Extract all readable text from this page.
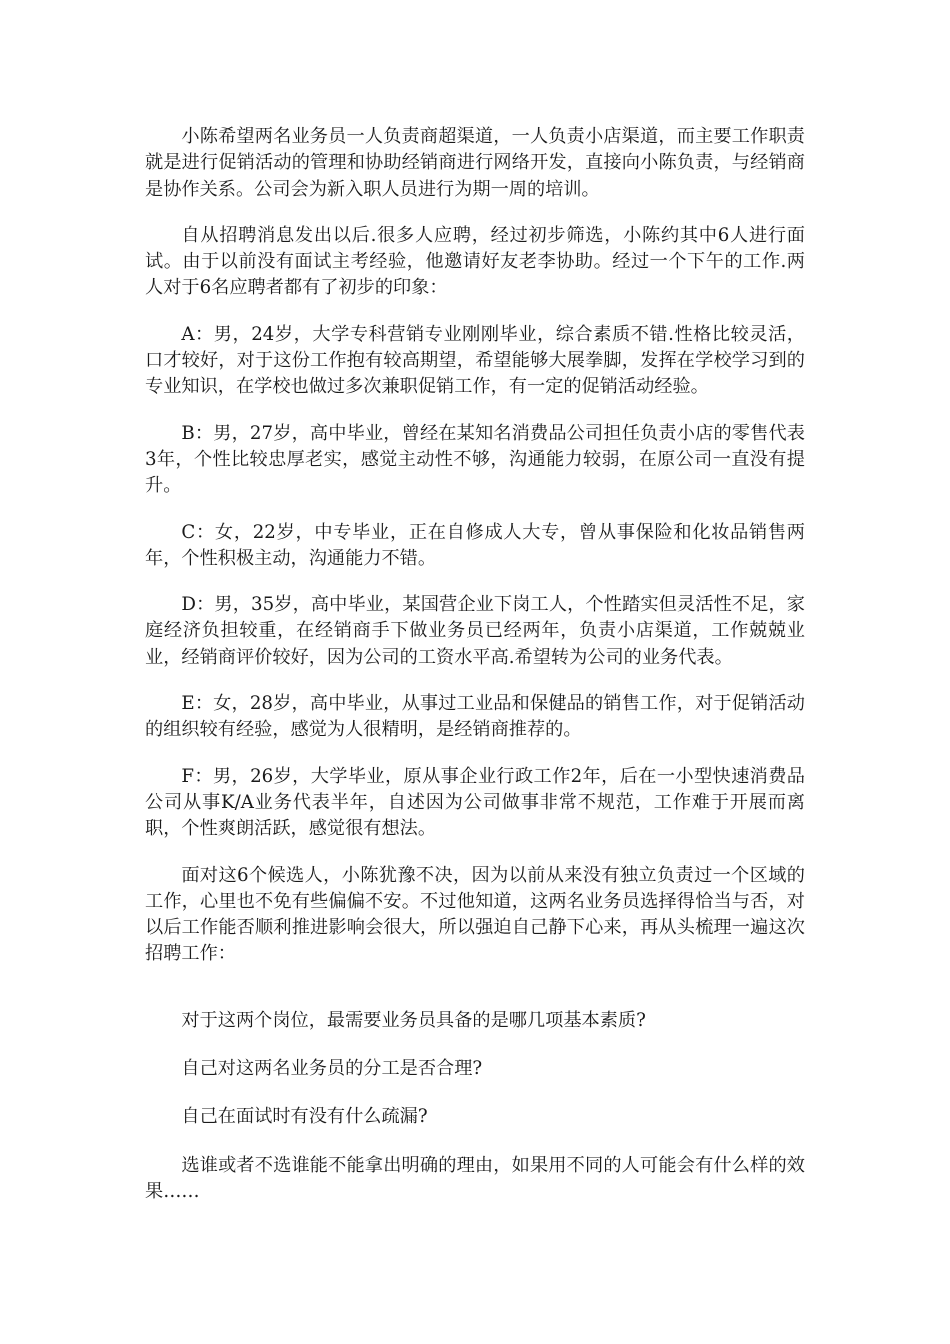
小陈希望两名业务员一人负责商超渠道，一人负责小店渠道，而主要工作职责就是进行促销活动的管理和协助经销商进行网络开发，直接向小陈负责，与经销商是协作关系。公司会为新入职人员进行为期一周的培训。

自从招聘消息发出以后.很多人应聘，经过初步筛选，小陈约其中6人进行面试。由于以前没有面试主考经验，他邀请好友老李协助。经过一个下午的工作.两人对于6名应聘者都有了初步的印象：

A：男，24岁，大学专科营销专业刚刚毕业，综合素质不错.性格比较灵活，口才较好，对于这份工作抱有较高期望，希望能够大展拳脚，发挥在学校学习到的专业知识，在学校也做过多次兼职促销工作，有一定的促销活动经验。

B：男，27岁，高中毕业，曾经在某知名消费品公司担任负责小店的零售代表3年，个性比较忠厚老实，感觉主动性不够，沟通能力较弱，在原公司一直没有提升。

C：女，22岁，中专毕业，正在自修成人大专，曾从事保险和化妆品销售两年，个性积极主动，沟通能力不错。

D：男，35岁，高中毕业，某国营企业下岗工人，个性踏实但灵活性不足，家庭经济负担较重，在经销商手下做业务员已经两年，负责小店渠道，工作兢兢业业，经销商评价较好，因为公司的工资水平高.希望转为公司的业务代表。

E：女，28岁，高中毕业，从事过工业品和保健品的销售工作，对于促销活动的组织较有经验，感觉为人很精明，是经销商推荐的。

F：男，26岁，大学毕业，原从事企业行政工作2年，后在一小型快速消费品公司从事K/A业务代表半年，自述因为公司做事非常不规范，工作难于开展而离职，个性爽朗活跃，感觉很有想法。

面对这6个候选人，小陈犹豫不决，因为以前从来没有独立负责过一个区域的工作，心里也不免有些偏偏不安。不过他知道，这两名业务员选择得恰当与否，对以后工作能否顺利推进影响会很大，所以强迫自己静下心来，再从头梳理一遍这次招聘工作：

对于这两个岗位，最需要业务员具备的是哪几项基本素质?

自己对这两名业务员的分工是否合理?

自己在面试时有没有什么疏漏?

选谁或者不选谁能不能拿出明确的理由，如果用不同的人可能会有什么样的效果……
